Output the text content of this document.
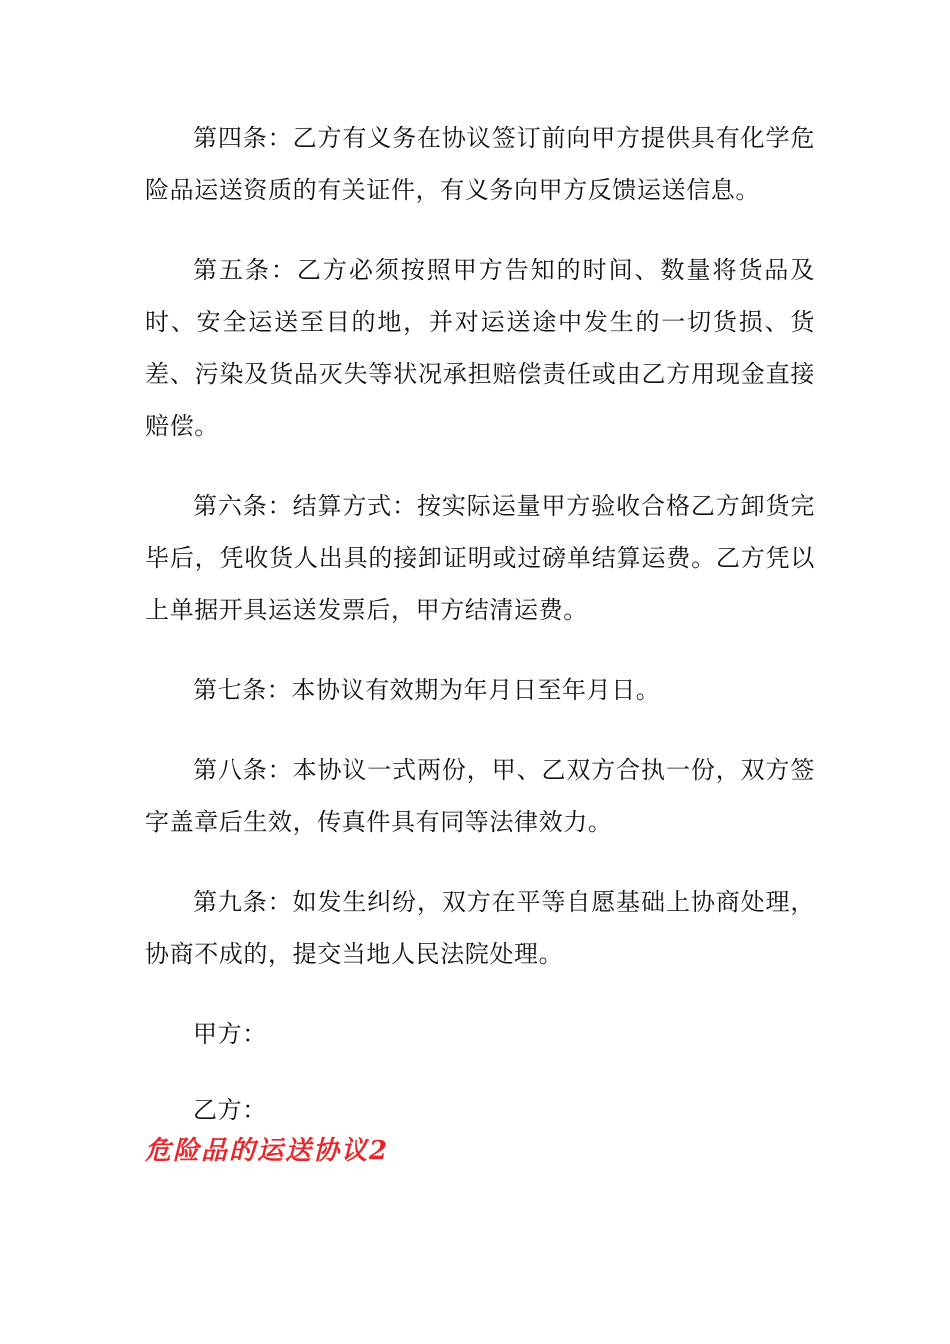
第四条：乙方有义务在协议签订前向甲方提供具有化学危险品运送资质的有关证件，有义务向甲方反馈运送信息。

第五条：乙方必须按照甲方告知的时间、数量将货品及时、安全运送至目的地，并对运送途中发生的一切货损、货差、污染及货品灭失等状况承担赔偿责任或由乙方用现金直接赔偿。

第六条：结算方式：按实际运量甲方验收合格乙方卸货完毕后，凭收货人出具的接卸证明或过磅单结算运费。乙方凭以上单据开具运送发票后，甲方结清运费。

第七条：本协议有效期为年月日至年月日。

第八条：本协议一式两份，甲、乙双方合执一份，双方签字盖章后生效，传真件具有同等法律效力。

第九条：如发生纠纷，双方在平等自愿基础上协商处理，协商不成的，提交当地人民法院处理。

甲方：

乙方：

危险品的运送协议2
